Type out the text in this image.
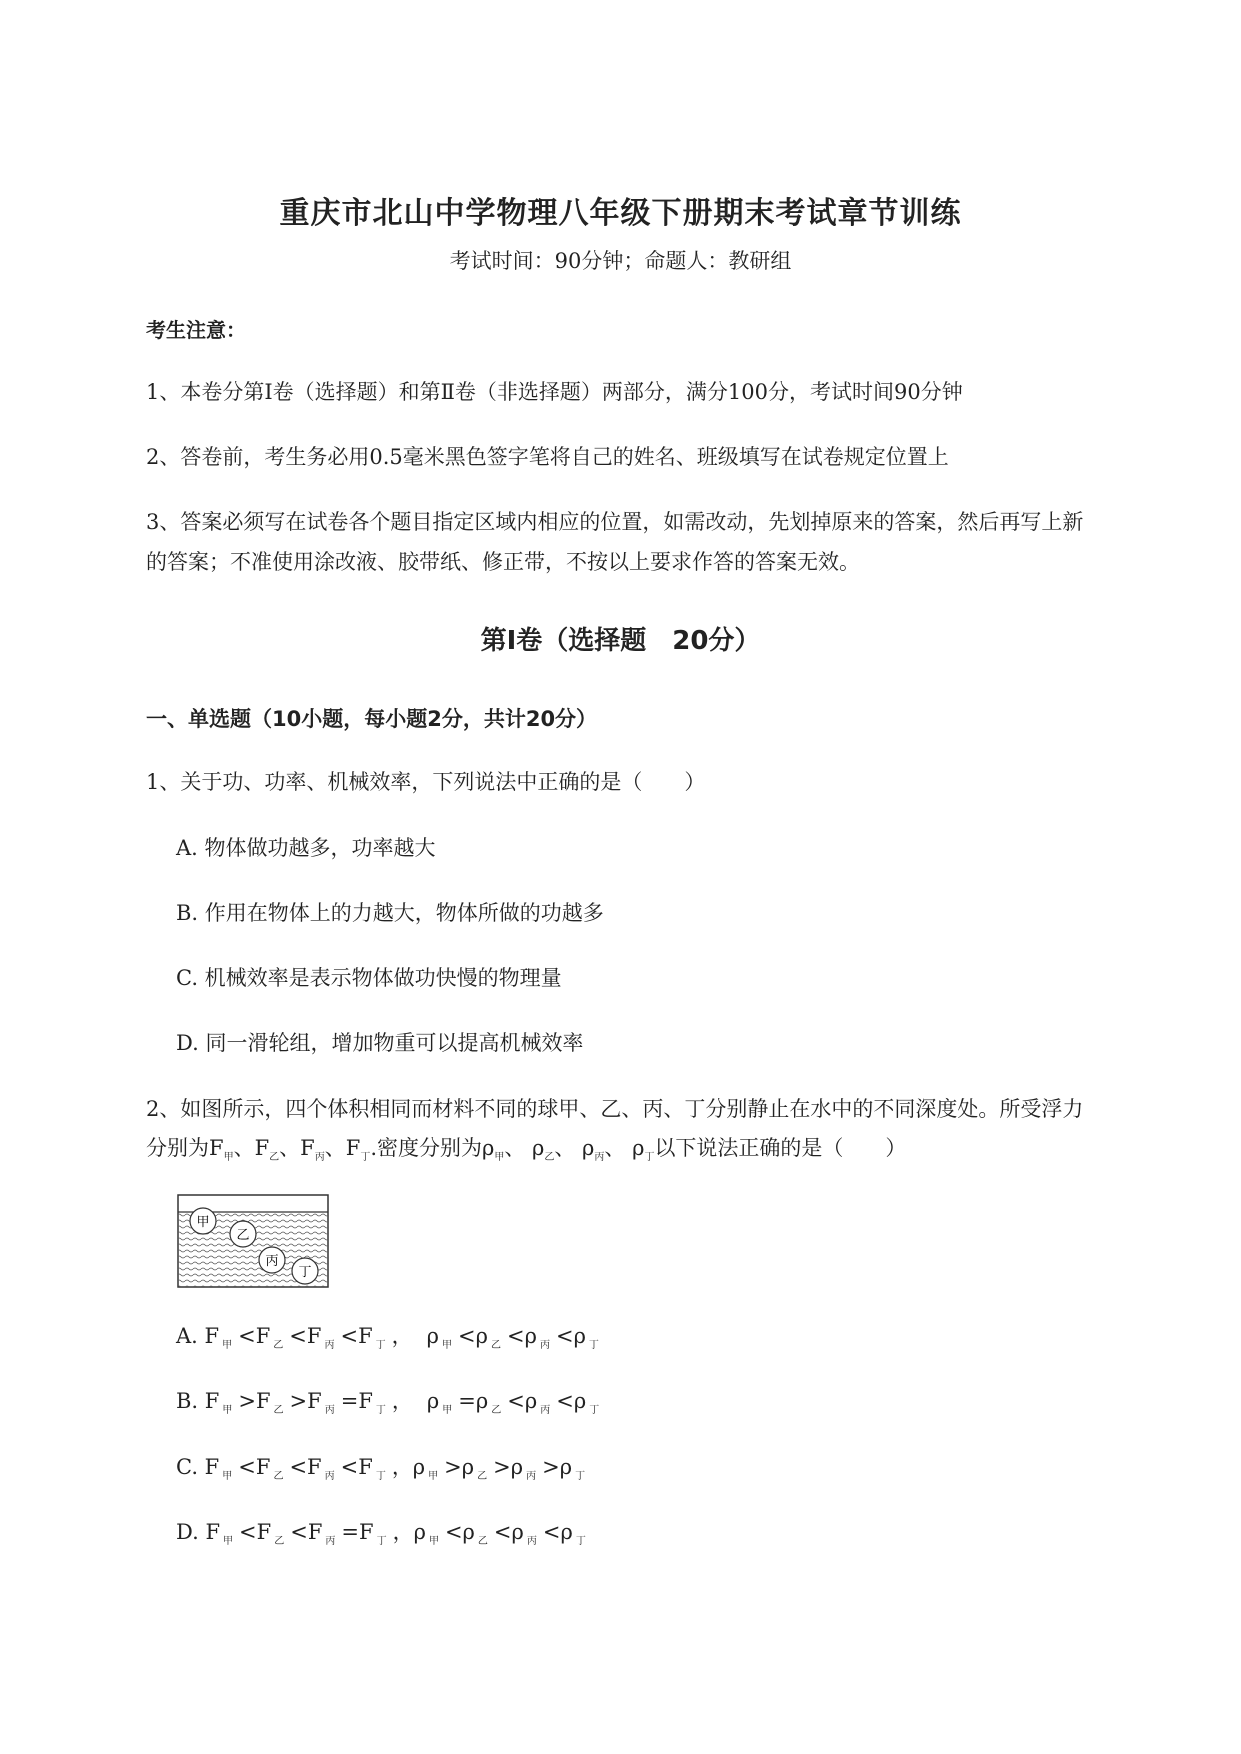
重庆市北山中学物理八年级下册期末考试章节训练
考试时间：90分钟；命题人：教研组
考生注意：
1、本卷分第I卷（选择题）和第Ⅱ卷（非选择题）两部分，满分100分，考试时间90分钟
2、答卷前，考生务必用0.5毫米黑色签字笔将自己的姓名、班级填写在试卷规定位置上
3、答案必须写在试卷各个题目指定区域内相应的位置，如需改动，先划掉原来的答案，然后再写上新
的答案；不准使用涂改液、胶带纸、修正带，不按以上要求作答的答案无效。
第I卷（选择题　20分）
一、单选题（10小题，每小题2分，共计20分）
1、关于功、功率、机械效率，下列说法中正确的是（　　）
A. 物体做功越多，功率越大
B. 作用在物体上的力越大，物体所做的功越多
C. 机械效率是表示物体做功快慢的物理量
D. 同一滑轮组，增加物重可以提高机械效率
2、如图所示，四个体积相同而材料不同的球甲、乙、丙、丁分别静止在水中的不同深度处。所受浮力
分别为$F_甲$、$F_乙$、$F_丙$、$F_丁$.密度分别为$\rho_甲$、 $\rho_乙$、 $\rho_丙$、 $\rho_丁$以下说法正确的是（　　）
甲
乙
丙
丁
A. F $_甲$ <F $_乙$ <F $_丙$ <F $_丁$ ， ρ $_甲$ <ρ $_乙$ <ρ $_丙$ <ρ $_丁$
B. F $_甲$ >F $_乙$ >F $_丙$ =F $_丁$ ， ρ $_甲$ =ρ $_乙$ <ρ $_丙$ <ρ $_丁$
C. F $_甲$ <F $_乙$ <F $_丙$ <F $_丁$ ，ρ $_甲$ >ρ $_乙$ >ρ $_丙$ >ρ $_丁$
D. F $_甲$ <F $_乙$ <F $_丙$ =F $_丁$ ，ρ $_甲$ <ρ $_乙$ <ρ $_丙$ <ρ $_丁$
